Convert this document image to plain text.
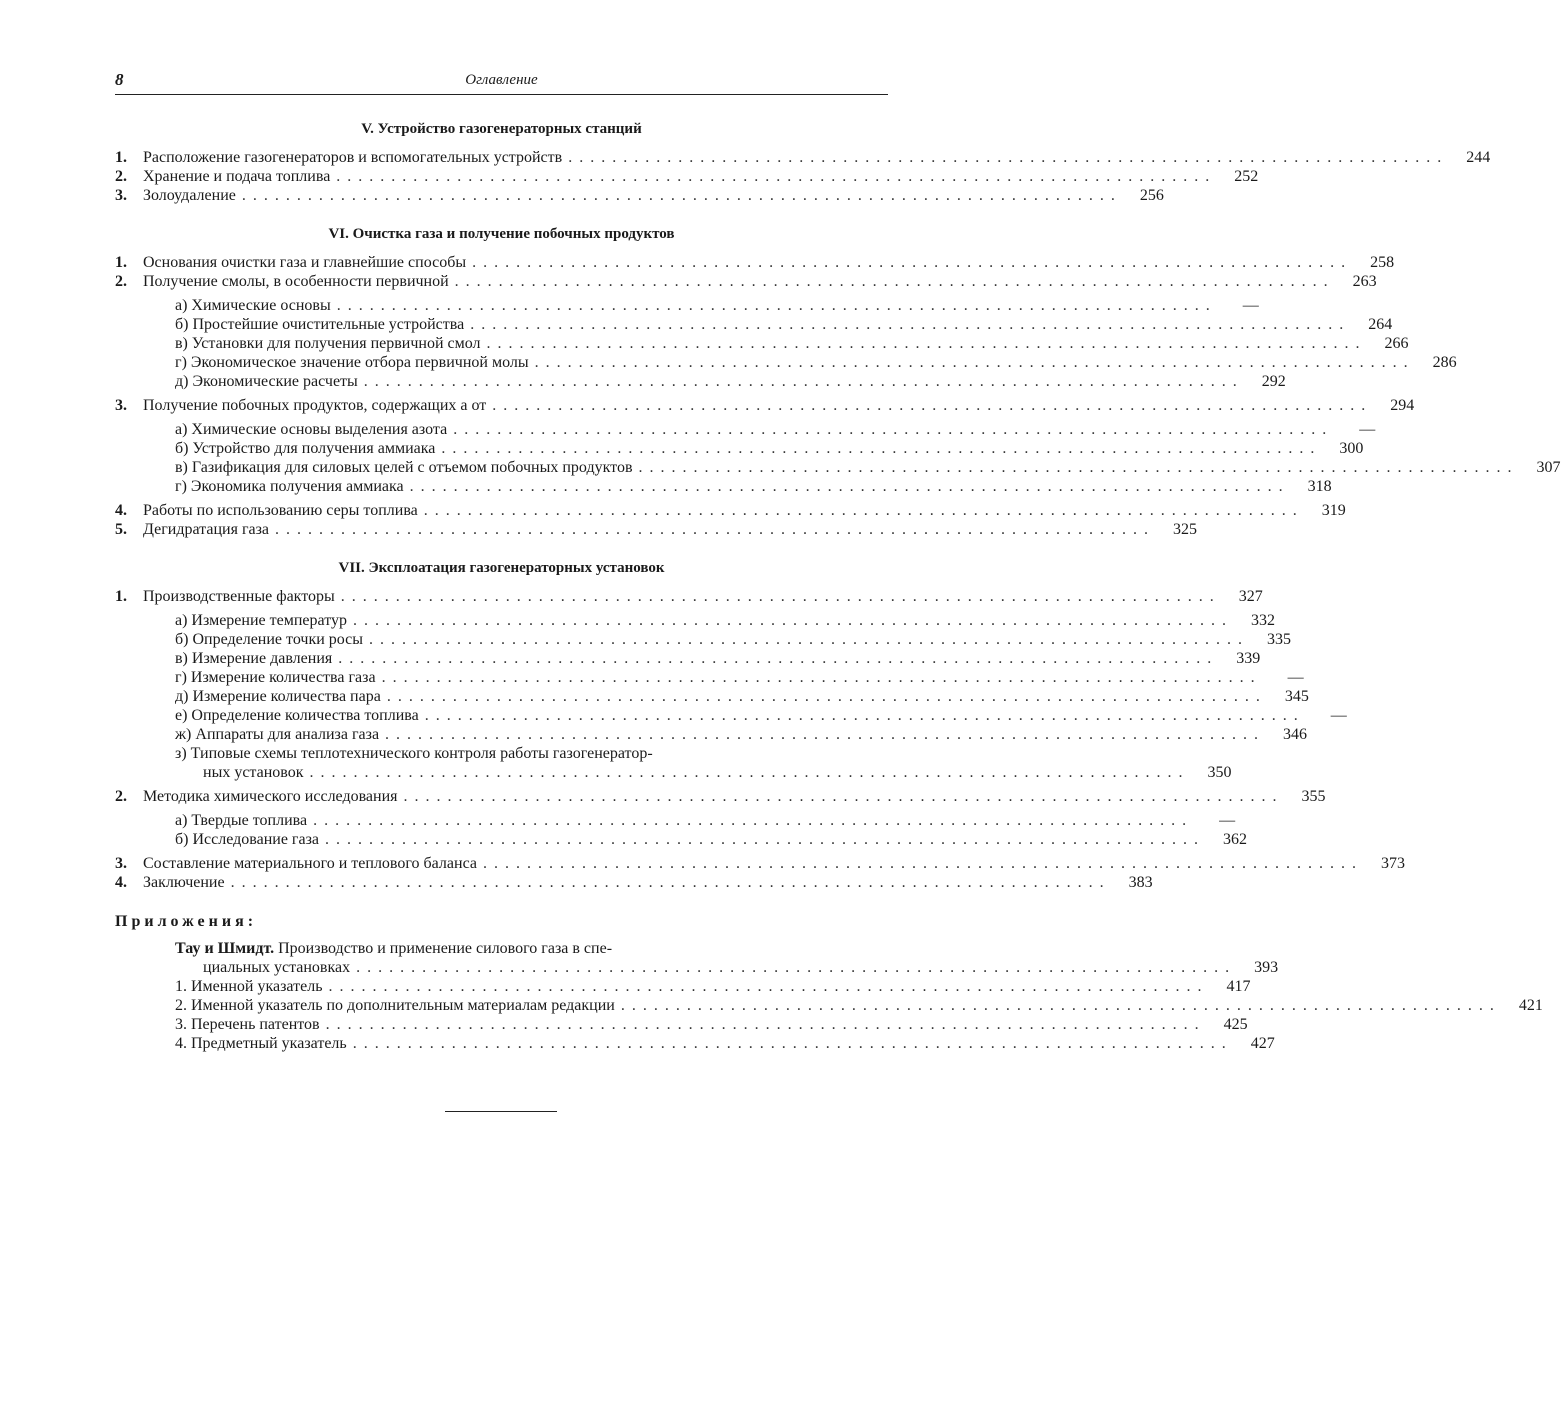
8	Оглавление
V. Устройство газогенераторных станций
1.	Расположение газогенераторов и вспомогательных устройств ................................................................................	244
2.	Хранение и подача топлива ................................................................................	252
3.	Золоудаление ................................................................................	256
VI. Очистка газа и получение побочных продуктов
1.	Основания очистки газа и главнейшие способы ................................................................................	258
2.	Получение смолы, в особенности первичной ................................................................................	263
а) Химические основы ................................................................................	—
б) Простейшие очистительные устройства ................................................................................	264
в) Установки для получения первичной смол ................................................................................	266
г) Экономическое значение отбора первичной молы ................................................................................	286
д) Экономические расчеты ................................................................................	292
3.	Получение побочных продуктов, содержащих а от ................................................................................	294
а) Химические основы выделения азота ................................................................................	—
б) Устройство для получения аммиака ................................................................................	300
в) Газификация для силовых целей с отъемом побочных продуктов ................................................................................	307
г) Экономика получения аммиака ................................................................................	318
4.	Работы по использованию серы топлива ................................................................................	319
5.	Дегидратация газа ................................................................................	325
VII. Эксплоатация газогенераторных установок
1.	Производственные факторы ................................................................................	327
а) Измерение температур ................................................................................	332
б) Определение точки росы ................................................................................	335
в) Измерение давления ................................................................................	339
г) Измерение количества газа ................................................................................	—
д) Измерение количества пара ................................................................................	345
е) Определение количества топлива ................................................................................	—
ж) Аппараты для анализа газа ................................................................................	346
з) Типовые схемы теплотехнического контроля работы газогенератор-
ных установок ................................................................................	350
2.	Методика химического исследования ................................................................................	355
а) Твердые топлива ................................................................................	—
б) Исследование газа ................................................................................	362
3.	Составление материального и теплового баланса ................................................................................	373
4.	Заключение ................................................................................	383
Приложения:
Тау и Шмидт. Производство и применение силового газа в спе-
циальных установках ................................................................................	393
1. Именной указатель ................................................................................	417
2. Именной указатель по дополнительным материалам редакции ................................................................................	421
3. Перечень патентов ................................................................................	425
4. Предметный указатель ................................................................................	427
